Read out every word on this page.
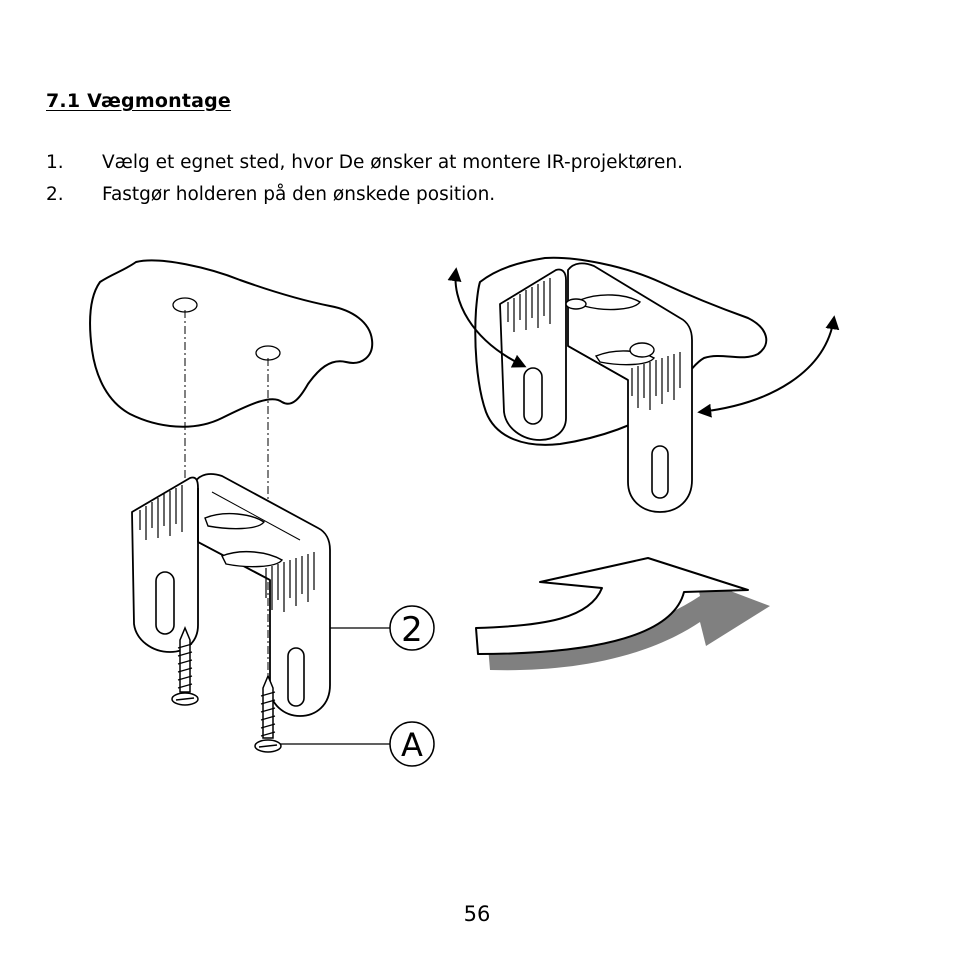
7.1 Vægmontage
1. Vælg et egnet sted, hvor De ønsker at montere IR-projektøren.
2. Fastgør holderen på den ønskede position.
2
A
56
